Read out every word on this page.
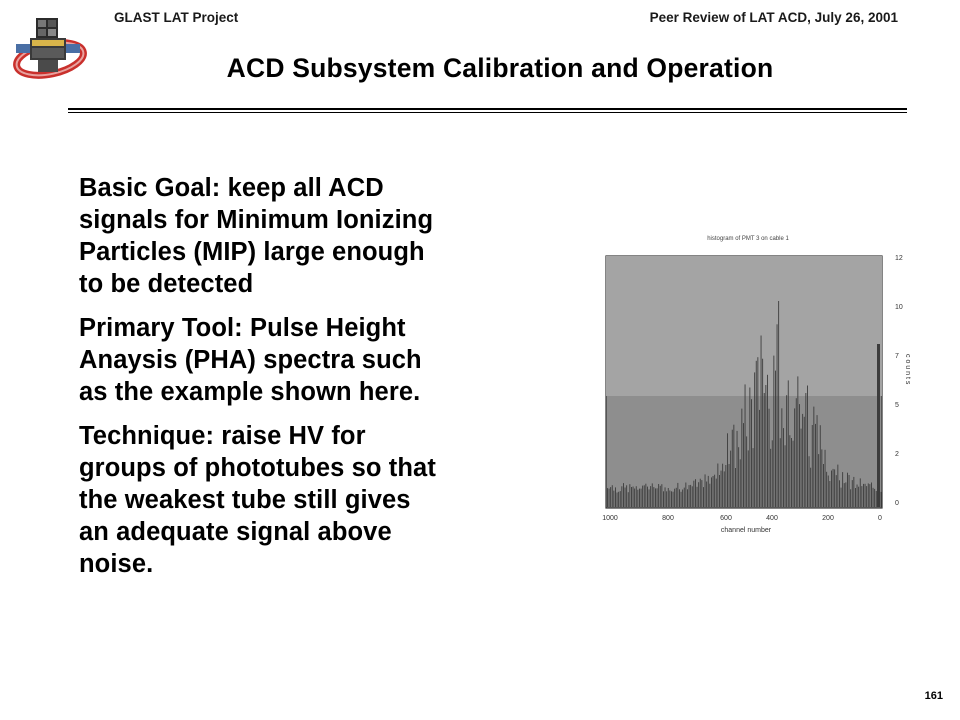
GLAST LAT Project	Peer Review of LAT ACD, July 26, 2001
ACD Subsystem Calibration and Operation

Basic Goal: keep all ACD
signals for Minimum Ionizing
Particles (MIP) large enough
to be detected

Primary Tool: Pulse Height
Anaysis (PHA) spectra such
as the example shown here.

Technique: raise HV for
groups of phototubes so that
the weakest tube still gives
an adequate signal above
noise.

histogram of PMT 3 on cable 1
12
10
7
5
2
0
c o u n t s
1000	800	600	400	200	0
channel number
161
